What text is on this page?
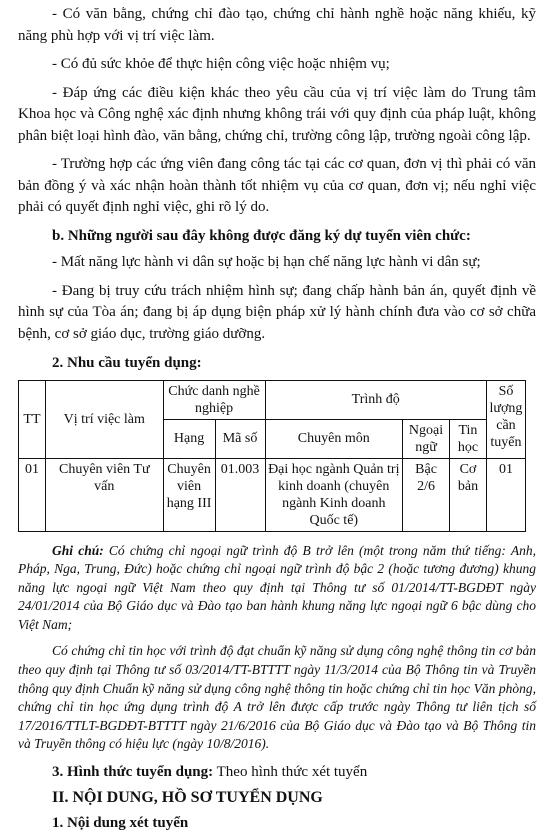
- Có văn bằng, chứng chỉ đào tạo, chứng chỉ hành nghề hoặc năng khiếu, kỹ năng phù hợp với vị trí việc làm.

- Có đủ sức khỏe để thực hiện công việc hoặc nhiệm vụ;

- Đáp ứng các điều kiện khác theo yêu cầu của vị trí việc làm do Trung tâm Khoa học và Công nghệ xác định nhưng không trái với quy định của pháp luật, không phân biệt loại hình đào, văn bằng, chứng chỉ, trường công lập, trường ngoài công lập.

- Trường hợp các ứng viên đang công tác tại các cơ quan, đơn vị thì phải có văn bản đồng ý và xác nhận hoàn thành tốt nhiệm vụ của cơ quan, đơn vị; nếu nghỉ việc phải có quyết định nghỉ việc, ghi rõ lý do.

b. Những người sau đây không được đăng ký dự tuyển viên chức:

- Mất năng lực hành vi dân sự hoặc bị hạn chế năng lực hành vi dân sự;

- Đang bị truy cứu trách nhiệm hình sự; đang chấp hành bản án, quyết định về hình sự của Tòa án; đang bị áp dụng biện pháp xử lý hành chính đưa vào cơ sở chữa bệnh, cơ sở giáo dục, trường giáo dưỡng.

2. Nhu cầu tuyển dụng:

TT	Vị trí việc làm	Chức danh nghề nghiệp		Trình độ			Số lượng cần tuyển
		Hạng	Mã số	Chuyên môn	Ngoại ngữ	Tin học	
01	Chuyên viên Tư vấn	Chuyên viên hạng III	01.003	Đại học ngành Quản trị kinh doanh (chuyên ngành Kinh doanh Quốc tế)	Bậc 2/6	Cơ bản	01

Ghi chú: Có chứng chỉ ngoại ngữ trình độ B trở lên (một trong năm thứ tiếng: Anh, Pháp, Nga, Trung, Đức) hoặc chứng chỉ ngoại ngữ trình độ bậc 2 (hoặc tương đương) khung năng lực ngoại ngữ Việt Nam theo quy định tại Thông tư số 01/2014/TT-BGDĐT ngày 24/01/2014 của Bộ Giáo dục và Đào tạo ban hành khung năng lực ngoại ngữ 6 bậc dùng cho Việt Nam;

Có chứng chỉ tin học với trình độ đạt chuẩn kỹ năng sử dụng công nghệ thông tin cơ bản theo quy định tại Thông tư số 03/2014/TT-BTTTT ngày 11/3/2014 của Bộ Thông tin và Truyền thông quy định Chuẩn kỹ năng sử dụng công nghệ thông tin hoặc chứng chỉ tin học Văn phòng, chứng chỉ tin học ứng dụng trình độ A trở lên được cấp trước ngày Thông tư liên tịch số 17/2016/TTLT-BGDĐT-BTTTT ngày 21/6/2016 của Bộ Giáo dục và Đào tạo và Bộ Thông tin và Truyền thông có hiệu lực (ngày 10/8/2016).

3. Hình thức tuyển dụng: Theo hình thức xét tuyển

II. NỘI DUNG, HỒ SƠ TUYỂN DỤNG

1. Nội dung xét tuyển
